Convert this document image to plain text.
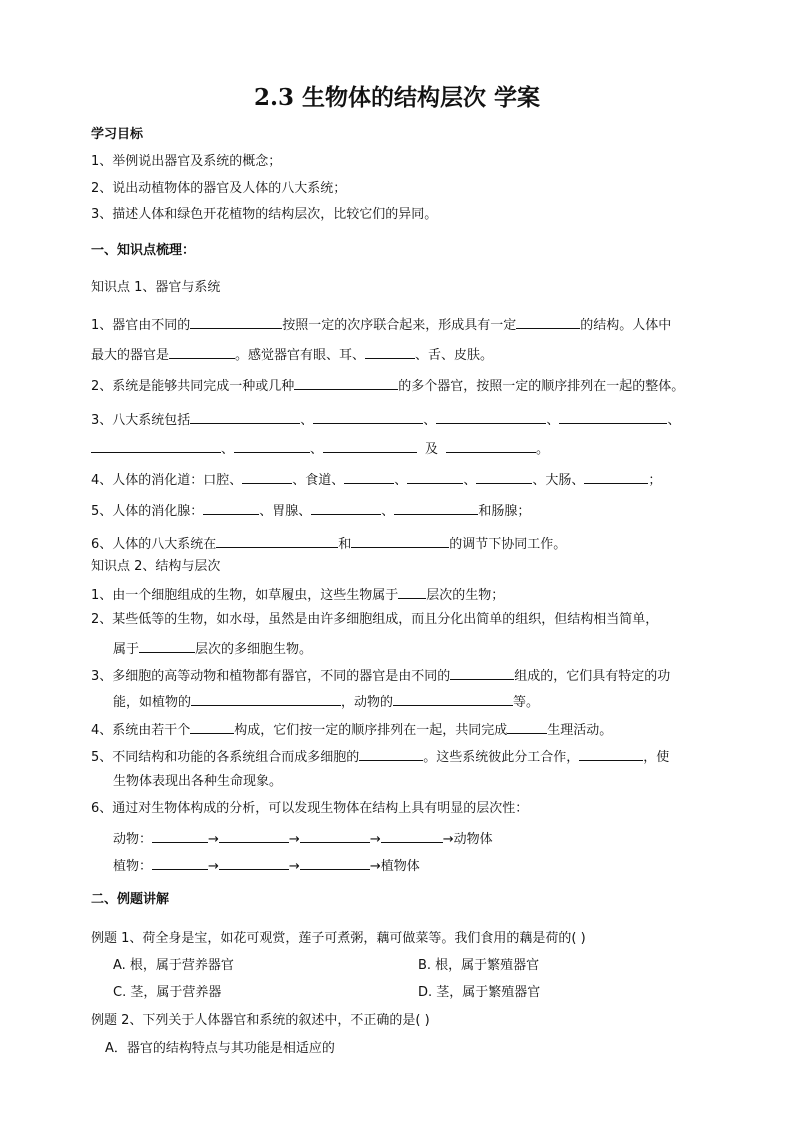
2.3 生物体的结构层次 学案
学习目标
1、举例说出器官及系统的概念；
2、说出动植物体的器官及人体的八大系统；
3、描述人体和绿色开花植物的结构层次，比较它们的异同。
一、知识点梳理：
知识点 1、器官与系统
1、器官由不同的	按照一定的次序联合起来，形成具有一定	的结构。人体中
最大的器官是	。感觉器官有眼、耳、	、舌、皮肤。
2、系统是能够共同完成一种或几种	的多个器官，按照一定的顺序排列在一起的整体。
3、八大系统包括	、	、	、	、
、	、	及	。
4、人体的消化道：口腔、	、食道、	、	、	、大肠、	；
5、人体的消化腺：	、胃腺、	、	和肠腺；
6、人体的八大系统在	和	的调节下协同工作。
知识点 2、结构与层次
1、由一个细胞组成的生物，如草履虫，这些生物属于 层次的生物；
2、某些低等的生物，如水母，虽然是由许多细胞组成，而且分化出简单的组织，但结构相当简单，
属于	层次的多细胞生物。
3、多细胞的高等动物和植物都有器官，不同的器官是由不同的	组成的，它们具有特定的功
能，如植物的	，动物的	等。
4、系统由若干个	构成，它们按一定的顺序排列在一起，共同完成	生理活动。
5、不同结构和功能的各系统组合而成多细胞的	。这些系统彼此分工合作，	，使
生物体表现出各种生命现象。
6、通过对生物体构成的分析，可以发现生物体在结构上具有明显的层次性：
动物：	→	→	→	→动物体
植物：	→	→	→植物体
二、例题讲解
例题 1、荷全身是宝，如花可观赏，莲子可煮粥，藕可做菜等。我们食用的藕是荷的( )
A. 根，属于营养器官	B. 根，属于繁殖器官
C. 茎，属于营养器	D. 茎，属于繁殖器官
例题 2、下列关于人体器官和系统的叙述中，不正确的是( )
A．器官的结构特点与其功能是相适应的
